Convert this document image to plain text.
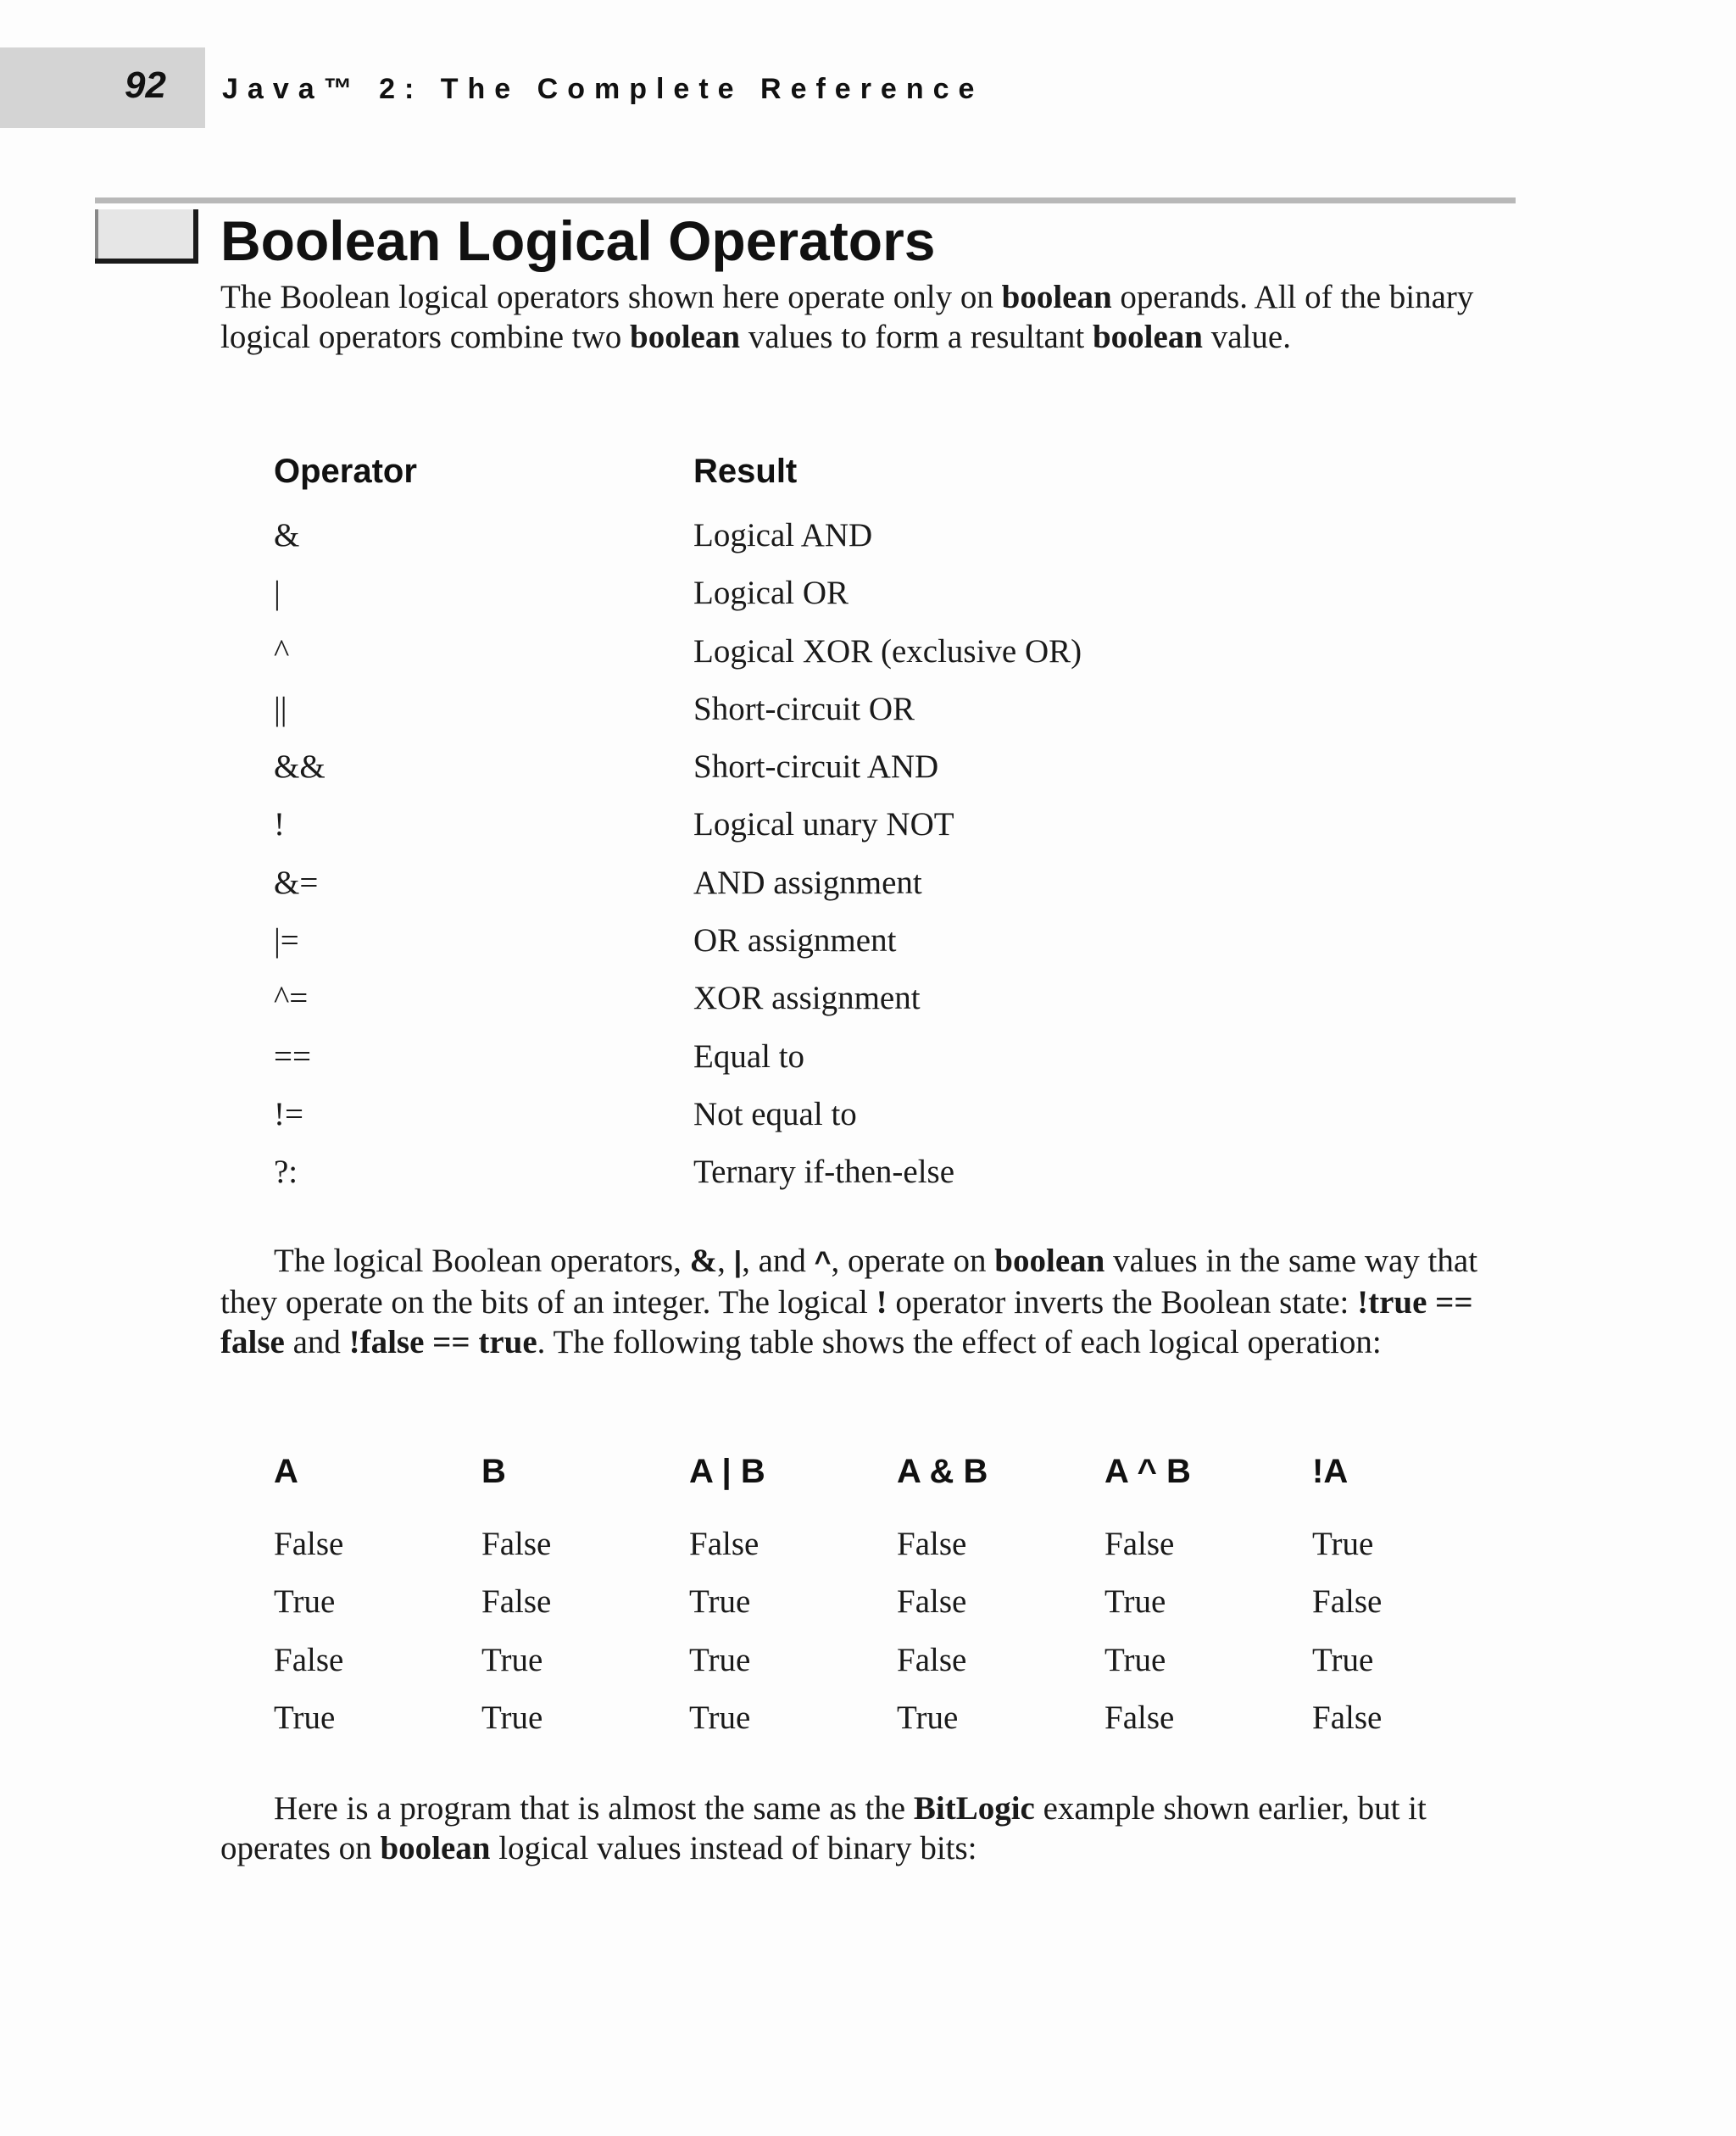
92 Java™ 2: The Complete Reference
Boolean Logical Operators

The Boolean logical operators shown here operate only on boolean operands. All of the binary logical operators combine two boolean values to form a resultant boolean value.

Operator	Result
&	Logical AND
|	Logical OR
^	Logical XOR (exclusive OR)
||	Short-circuit OR
&&	Short-circuit AND
!	Logical unary NOT
&=	AND assignment
|=	OR assignment
^=	XOR assignment
==	Equal to
!=	Not equal to
?:	Ternary if-then-else

The logical Boolean operators, &, |, and ^, operate on boolean values in the same way that they operate on the bits of an integer. The logical ! operator inverts the Boolean state: !true == false and !false == true. The following table shows the effect of each logical operation:

A	B	A | B	A & B	A ^ B	!A
False	False	False	False	False	True
True	False	True	False	True	False
False	True	True	False	True	True
True	True	True	True	False	False

Here is a program that is almost the same as the BitLogic example shown earlier, but it operates on boolean logical values instead of binary bits:
